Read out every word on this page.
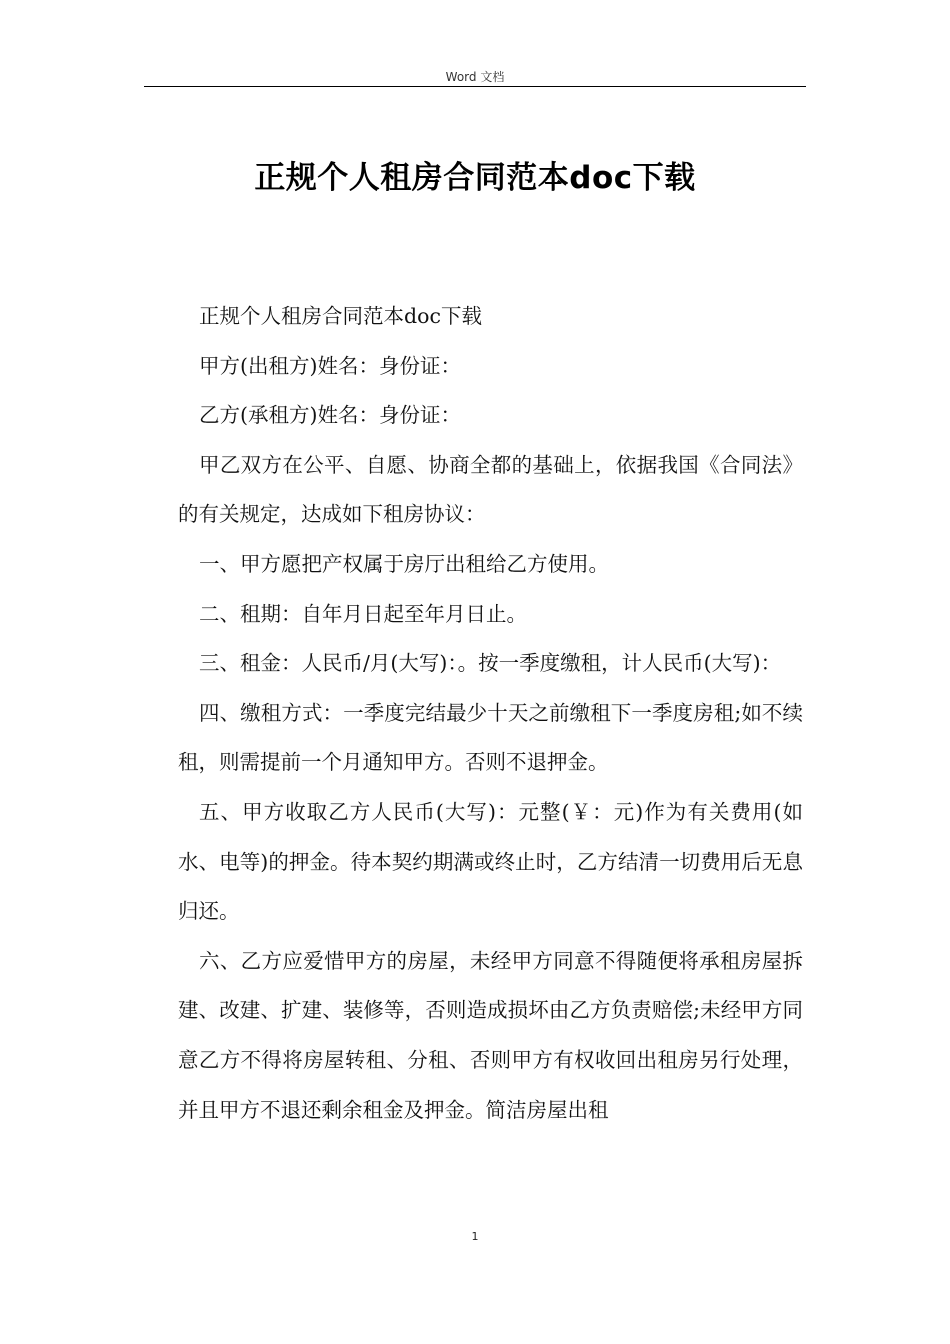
Word 文档
正规个人租房合同范本doc下载

正规个人租房合同范本doc下载

甲方(出租方)姓名：身份证：

乙方(承租方)姓名：身份证：

甲乙双方在公平、自愿、协商全都的基础上，依据我国《合同法》的有关规定，达成如下租房协议：

一、甲方愿把产权属于房厅出租给乙方使用。

二、租期：自年月日起至年月日止。

三、租金：人民币/月(大写)：。按一季度缴租，计人民币(大写)：

四、缴租方式：一季度完结最少十天之前缴租下一季度房租;如不续租，则需提前一个月通知甲方。否则不退押金。

五、甲方收取乙方人民币(大写)：元整(￥：元)作为有关费用(如水、电等)的押金。待本契约期满或终止时，乙方结清一切费用后无息归还。

六、乙方应爱惜甲方的房屋，未经甲方同意不得随便将承租房屋拆建、改建、扩建、装修等，否则造成损坏由乙方负责赔偿;未经甲方同意乙方不得将房屋转租、分租、否则甲方有权收回出租房另行处理，并且甲方不退还剩余租金及押金。简洁房屋出租

1
